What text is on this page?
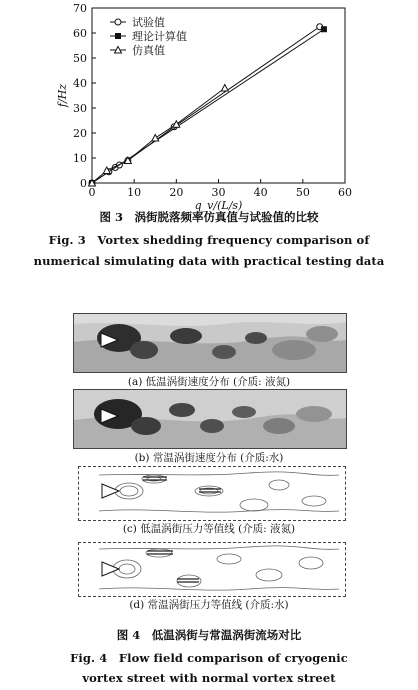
0	10	20	30	40	50	60
0
10
20
30
40
50
60
70
f/Hz
q_v/(L/s)
试验值
理论计算值
仿真值
图 3　涡街脱落频率仿真值与试验值的比较
Fig. 3　Vortex shedding frequency comparison of
numerical simulating data with practical testing data
(a) 低温涡街速度分布 (介质: 液氮)
(b) 常温涡街速度分布 (介质:水)
(c) 低温涡街压力等值线 (介质: 液氮)
(d) 常温涡街压力等值线 (介质:水)
图 4　低温涡街与常温涡街流场对比
Fig. 4　Flow field comparison of cryogenic
vortex street with normal vortex street
